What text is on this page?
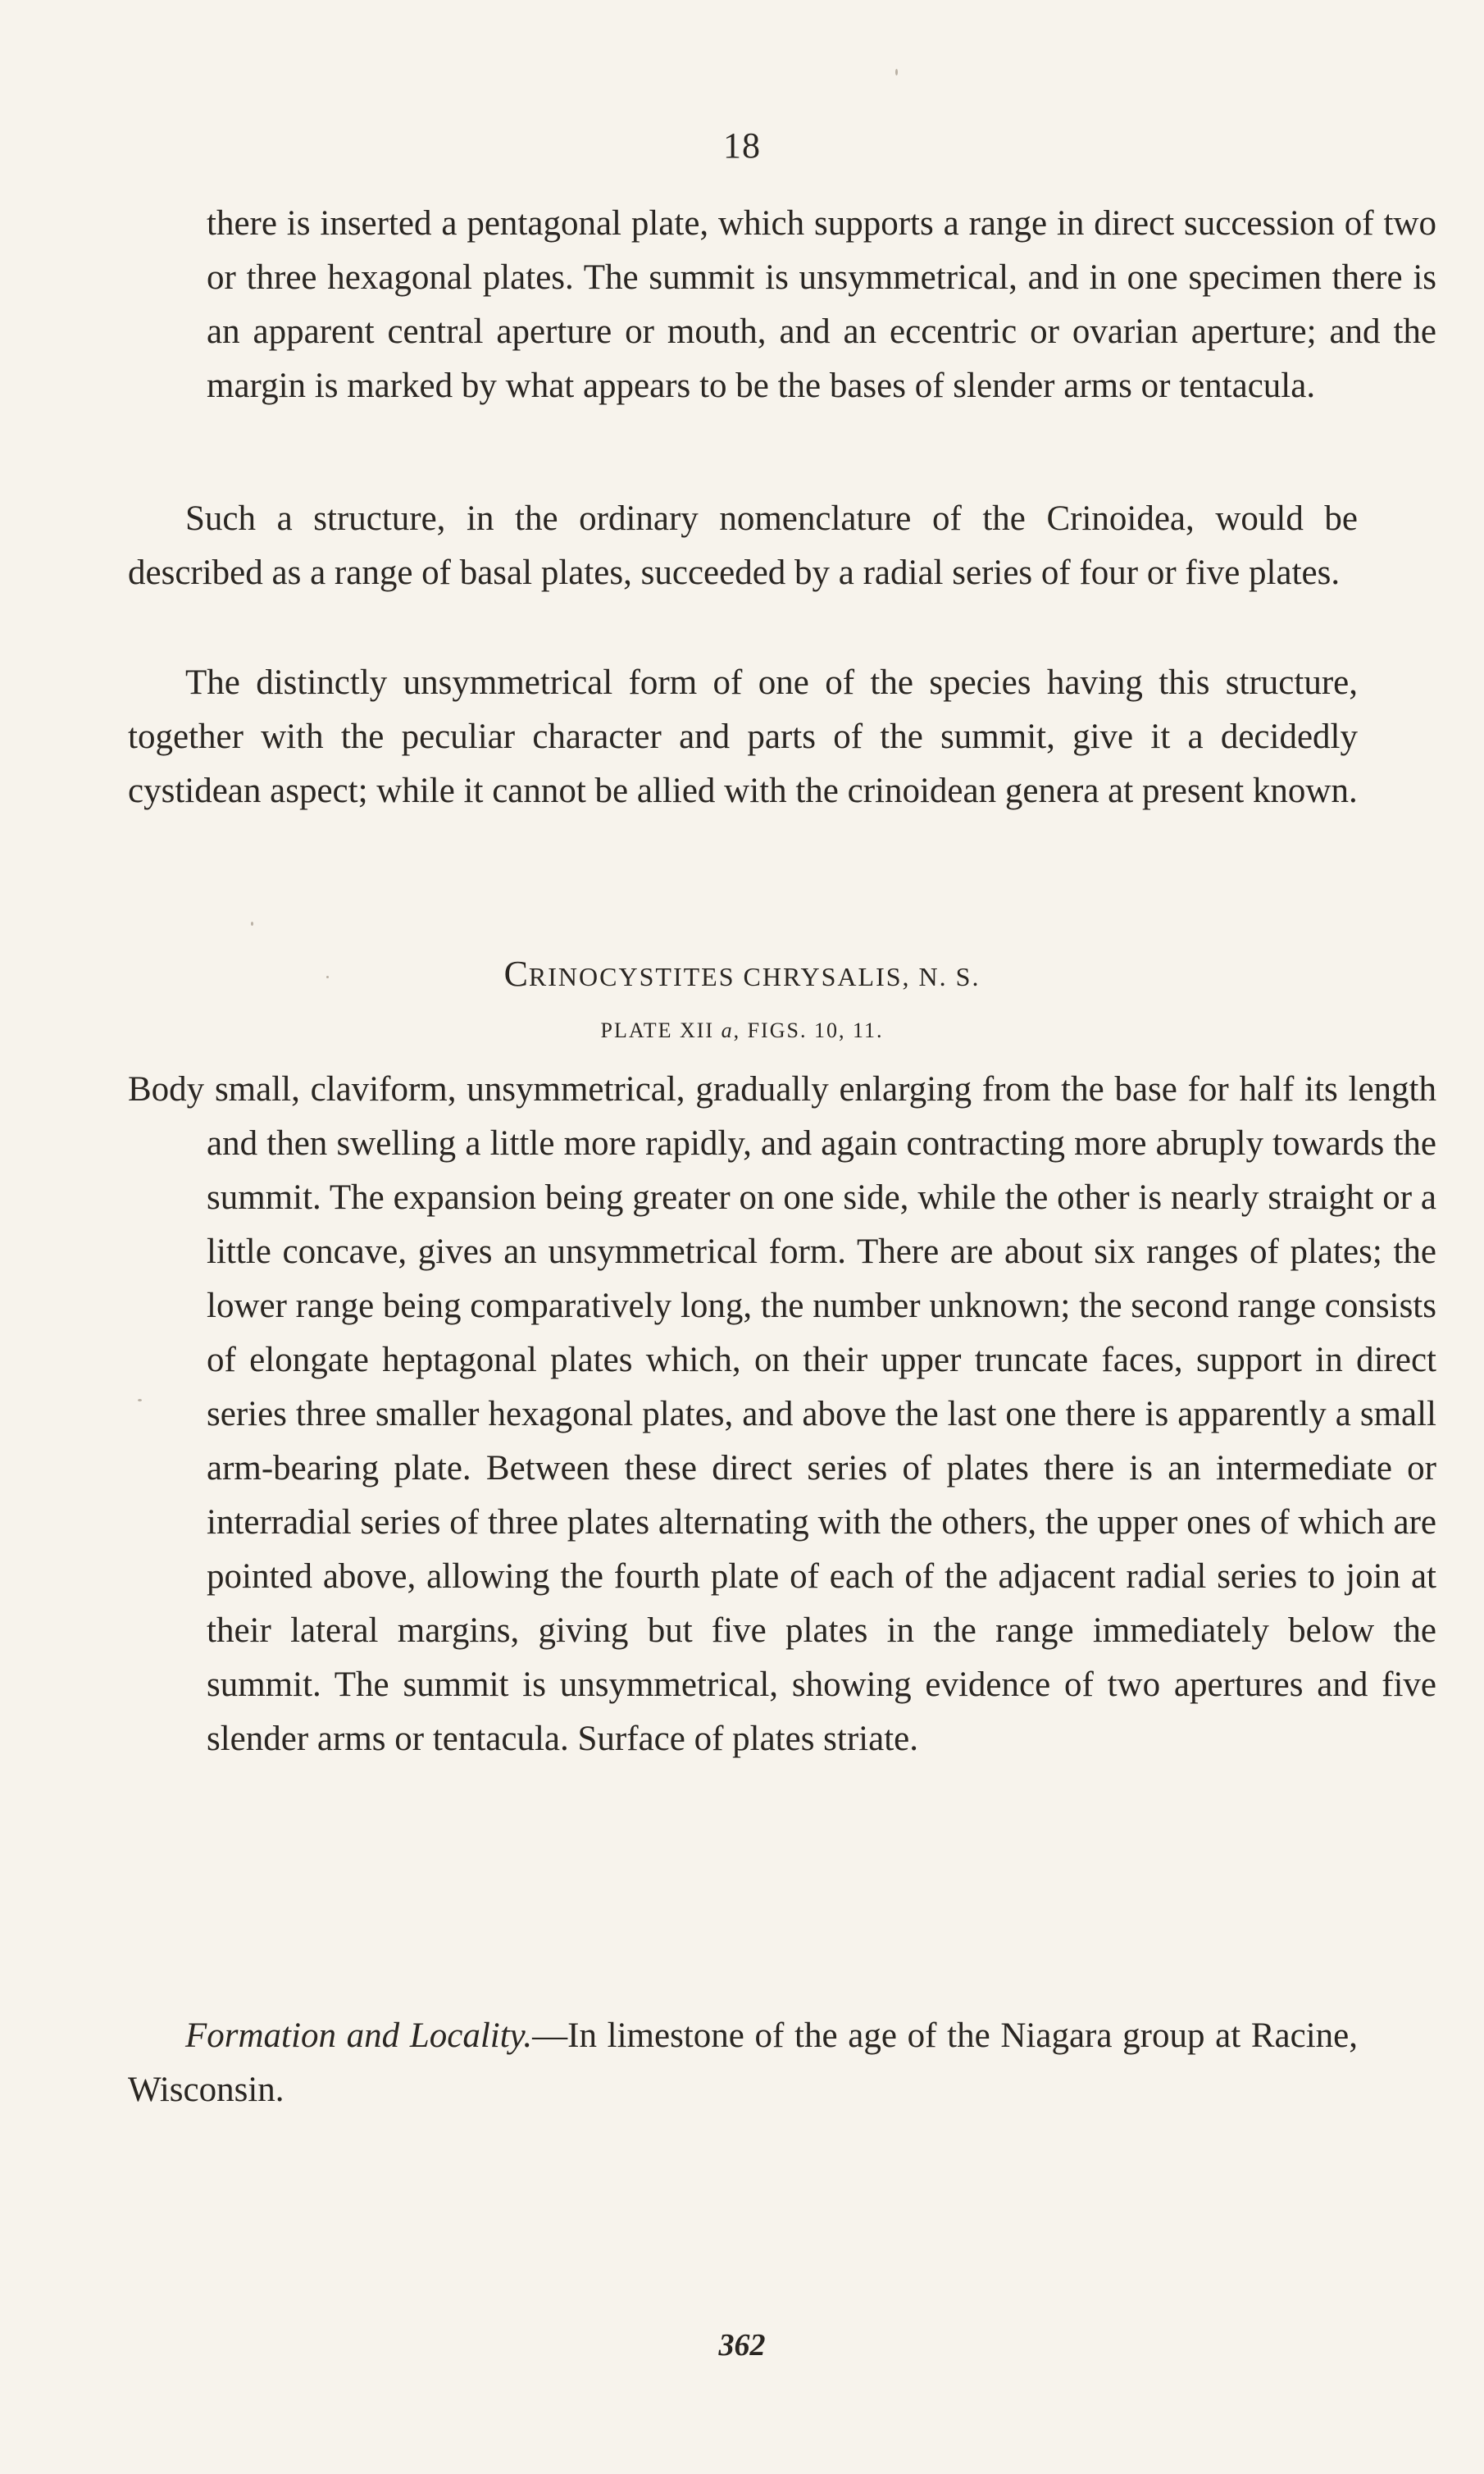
18
there is inserted a pentagonal plate, which supports a range in direct succession of two or three hexagonal plates. The summit is unsymmetrical, and in one specimen there is an apparent central aperture or mouth, and an eccentric or ovarian aperture; and the margin is marked by what appears to be the bases of slender arms or tentacula.
Such a structure, in the ordinary nomenclature of the Crinoidea, would be described as a range of basal plates, succeeded by a radial series of four or five plates.
The distinctly unsymmetrical form of one of the species having this structure, together with the peculiar character and parts of the summit, give it a decidedly cystidean aspect; while it cannot be allied with the crinoidean genera at present known.
CRINOCYSTITES CHRYSALIS, N. S.
PLATE XII a, FIGS. 10, 11.
Body small, claviform, unsymmetrical, gradually enlarging from the base for half its length and then swelling a little more rapidly, and again contracting more abruply towards the summit. The expansion being greater on one side, while the other is nearly straight or a little concave, gives an unsymmetrical form. There are about six ranges of plates; the lower range being comparatively long, the number unknown; the second range consists of elongate heptagonal plates which, on their upper truncate faces, support in direct series three smaller hexagonal plates, and above the last one there is apparently a small arm-bearing plate. Between these direct series of plates there is an intermediate or interradial series of three plates alternating with the others, the upper ones of which are pointed above, allowing the fourth plate of each of the adjacent radial series to join at their lateral margins, giving but five plates in the range immediately below the summit. The summit is unsymmetrical, showing evidence of two apertures and five slender arms or tentacula. Surface of plates striate.
Formation and Locality.—In limestone of the age of the Niagara group at Racine, Wisconsin.
362
